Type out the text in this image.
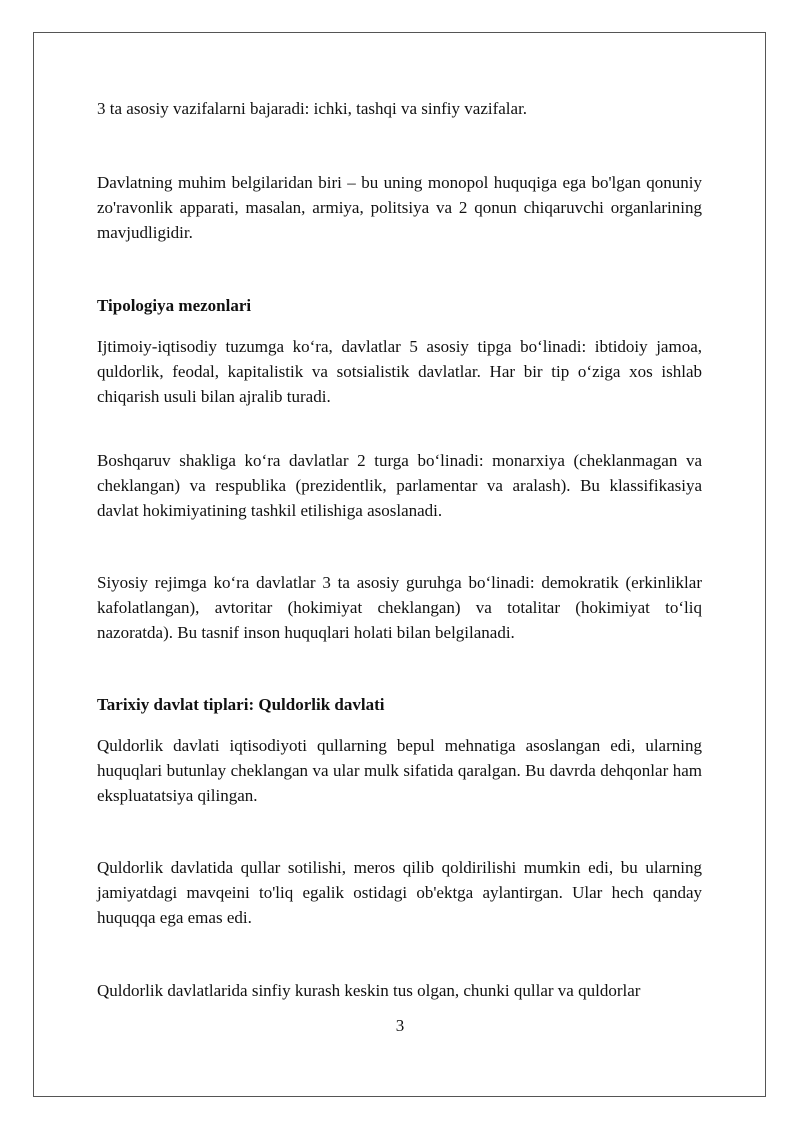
3 ta asosiy vazifalarni bajaradi: ichki, tashqi va sinfiy vazifalar.

Davlatning muhim belgilaridan biri – bu uning monopol huquqiga ega bo'lgan qonuniy zo'ravonlik apparati, masalan, armiya, politsiya va 2 qonun chiqaruvchi organlarining mavjudligidir.

Tipologiya mezonlari

Ijtimoiy-iqtisodiy tuzumga ko‘ra, davlatlar 5 asosiy tipga bo‘linadi: ibtidoiy jamoa, quldorlik, feodal, kapitalistik va sotsialistik davlatlar. Har bir tip o‘ziga xos ishlab chiqarish usuli bilan ajralib turadi.

Boshqaruv shakliga ko‘ra davlatlar 2 turga bo‘linadi: monarxiya (cheklanmagan va cheklangan) va respublika (prezidentlik, parlamentar va aralash). Bu klassifikasiya davlat hokimiyatining tashkil etilishiga asoslanadi.

Siyosiy rejimga ko‘ra davlatlar 3 ta asosiy guruhga bo‘linadi: demokratik (erkinliklar kafolatlangan), avtoritar (hokimiyat cheklangan) va totalitar (hokimiyat to‘liq nazoratda). Bu tasnif inson huquqlari holati bilan belgilanadi.

Tarixiy davlat tiplari: Quldorlik davlati

Quldorlik davlati iqtisodiyoti qullarning bepul mehnatiga asoslangan edi, ularning huquqlari butunlay cheklangan va ular mulk sifatida qaralgan. Bu davrda dehqonlar ham ekspluatatsiya qilingan.

Quldorlik davlatida qullar sotilishi, meros qilib qoldirilishi mumkin edi, bu ularning jamiyatdagi mavqeini to'liq egalik ostidagi ob'ektga aylantirgan. Ular hech qanday huquqqa ega emas edi.

Quldorlik davlatlarida sinfiy kurash keskin tus olgan, chunki qullar va quldorlar

3
